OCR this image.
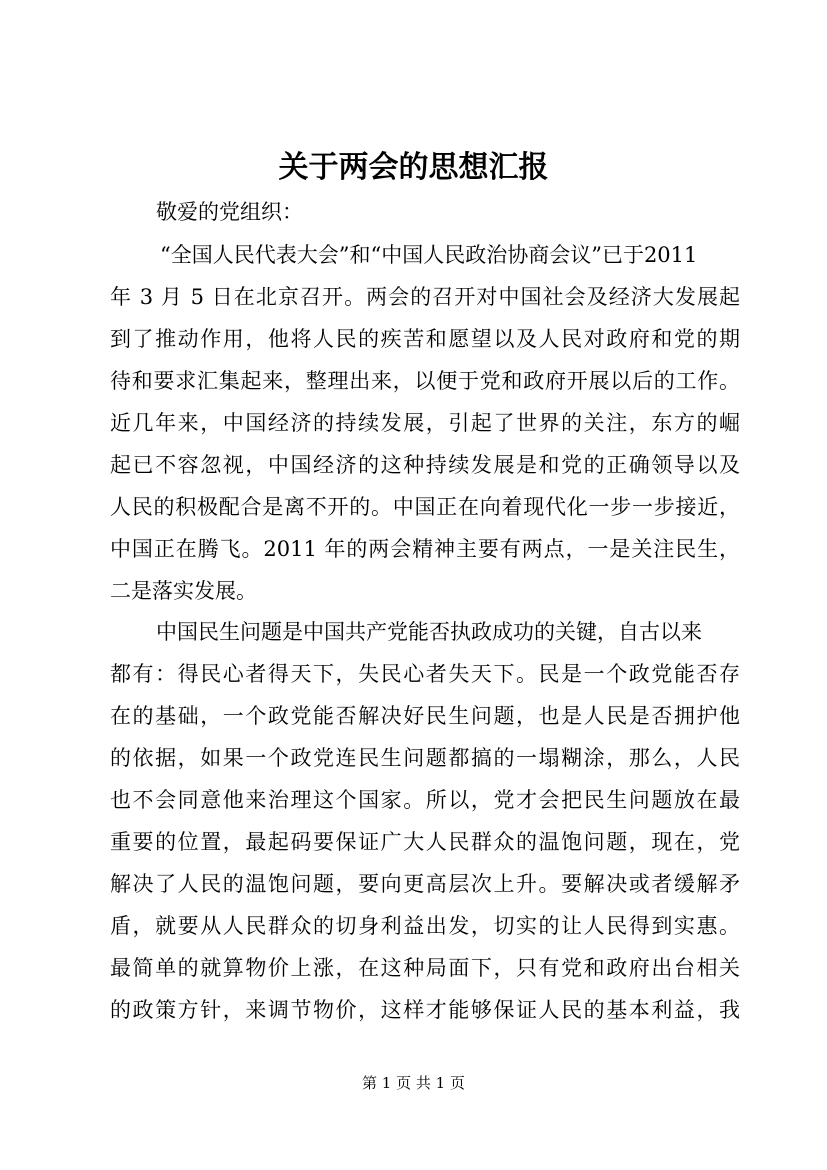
关于两会的思想汇报
敬爱的党组织：
“全国人民代表大会”和“中国人民政治协商会议”已于2011
年 3 月 5 日在北京召开。两会的召开对中国社会及经济大发展起
到了推动作用，他将人民的疾苦和愿望以及人民对政府和党的期
待和要求汇集起来，整理出来，以便于党和政府开展以后的工作。
近几年来，中国经济的持续发展，引起了世界的关注，东方的崛
起已不容忽视，中国经济的这种持续发展是和党的正确领导以及
人民的积极配合是离不开的。中国正在向着现代化一步一步接近，
中国正在腾飞。2011 年的两会精神主要有两点，一是关注民生，
二是落实发展。
中国民生问题是中国共产党能否执政成功的关键，自古以来
都有：得民心者得天下，失民心者失天下。民是一个政党能否存
在的基础，一个政党能否解决好民生问题，也是人民是否拥护他
的依据，如果一个政党连民生问题都搞的一塌糊涂，那么，人民
也不会同意他来治理这个国家。所以，党才会把民生问题放在最
重要的位置，最起码要保证广大人民群众的温饱问题，现在，党
解决了人民的温饱问题，要向更高层次上升。要解决或者缓解矛
盾，就要从人民群众的切身利益出发，切实的让人民得到实惠。
最简单的就算物价上涨，在这种局面下，只有党和政府出台相关
的政策方针，来调节物价，这样才能够保证人民的基本利益，我
第 1 页 共 1 页
